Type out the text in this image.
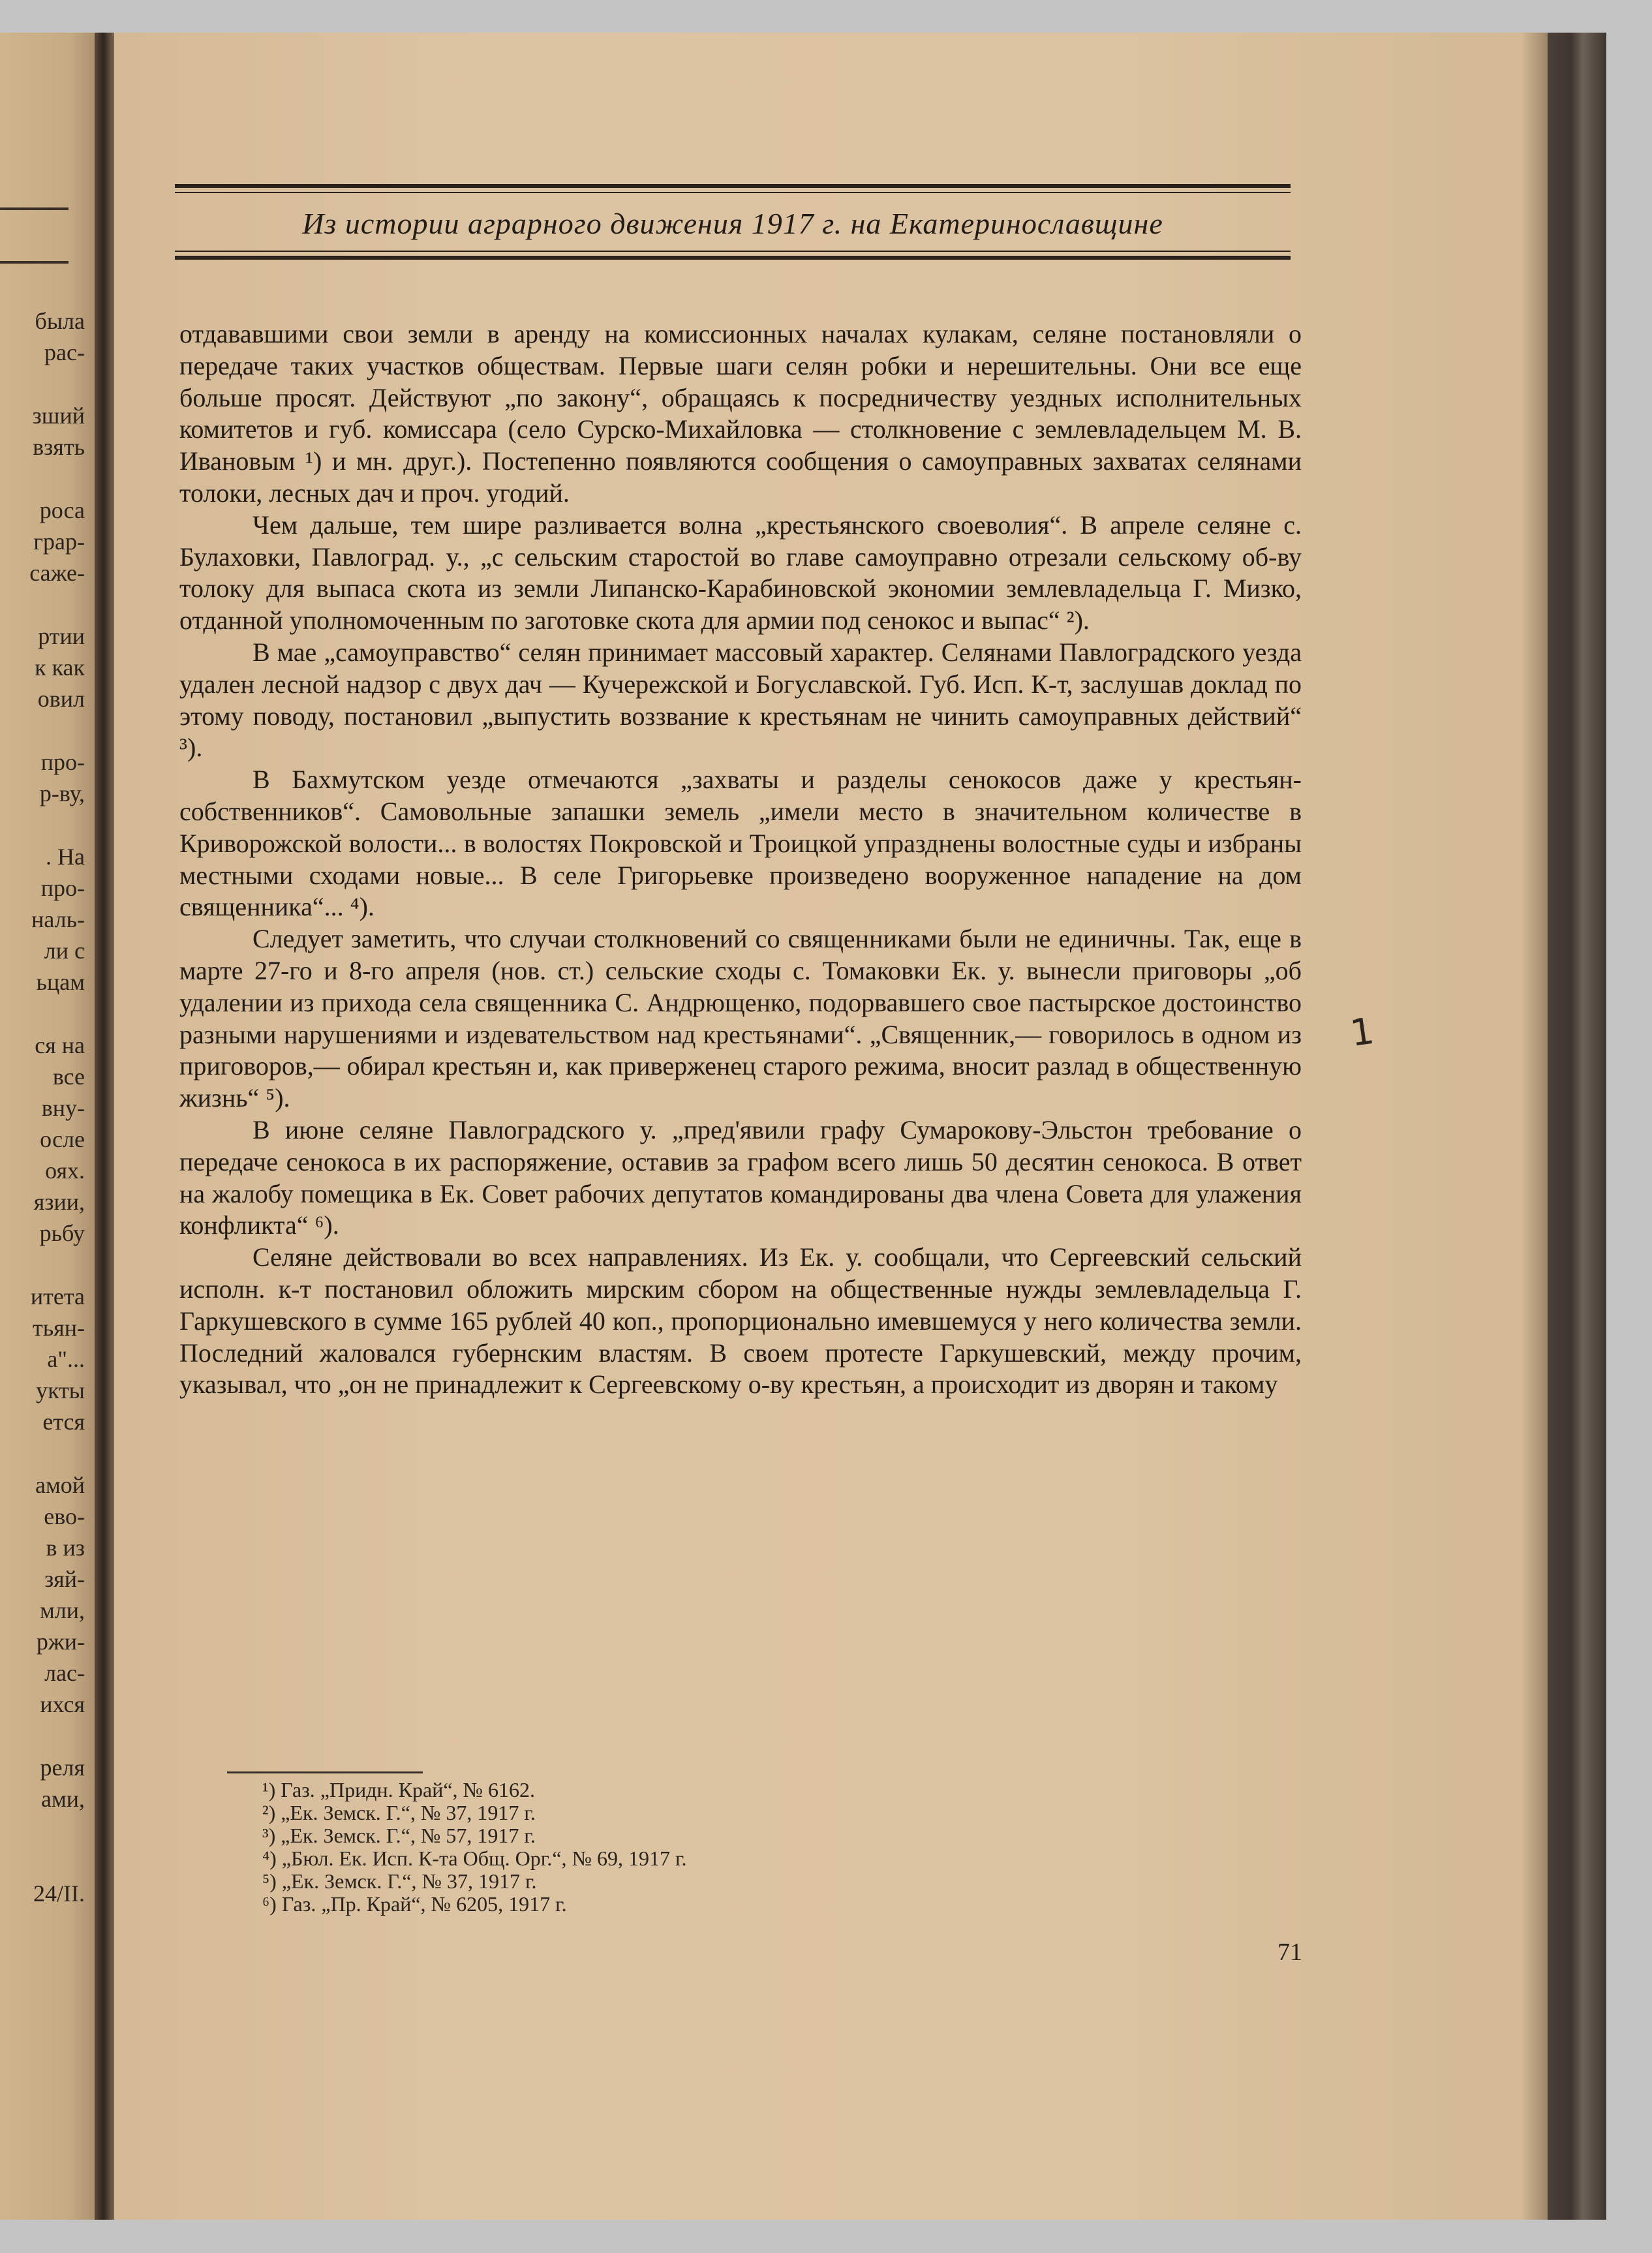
была
рас-
зший
взять
роса
граp-
саже-
ртии
к как
овил
про-
р-ву,
. На
про-
наль-
ли с
ьцам
ся на
все
вну-
осле
оях.
язии,
рьбу
итета
тьян-
а"...
укты
ется
амой
ево-
в из
зяй-
мли,
ржи-
лас-
ихся
реля
ами,
24/II.
Из истории аграрного движения 1917 г. на Екатеринославщине

отдававшими свои земли в аренду на комиссионных началах кулакам, селяне постановляли о передаче таких участков обществам. Первые шаги селян робки и нерешительны. Они все еще больше просят. Действуют „по закону“, обращаясь к посредничеству уездных исполнительных комитетов и губ. комиссара (село Сурско-Михайловка — столкновение с землевладельцем М. В. Ивановым ¹) и мн. друг.). Постепенно появляются сообщения о самоуправных захватах селянами толоки, лесных дач и проч. угодий.

Чем дальше, тем шире разливается волна „крестьянского своеволия“. В апреле селяне с. Булаховки, Павлоград. у., „с сельским старостой во главе самоуправно отрезали сельскому об-ву толоку для выпаса скота из земли Липанско-Карабиновской экономии землевладельца Г. Мизко, отданной уполномоченным по заготовке скота для армии под сенокос и выпас“ ²).

В мае „самоуправство“ селян принимает массовый характер. Селянами Павлоградского уезда удален лесной надзор с двух дач — Кучережской и Богуславской. Губ. Исп. К-т, заслушав доклад по этому поводу, постановил „выпустить воззвание к крестьянам не чинить самоуправных действий“ ³).

В Бахмутском уезде отмечаются „захваты и разделы сенокосов даже у крестьян-собственников“. Самовольные запашки земель „имели место в значительном количестве в Криворожской волости... в волостях Покровской и Троицкой упразднены волостные суды и избраны местными сходами новые... В селе Григорьевке произведено вооруженное нападение на дом священника“... ⁴).

Следует заметить, что случаи столкновений со священниками были не единичны. Так, еще в марте 27-го и 8-го апреля (нов. ст.) сельские сходы с. Томаковки Ек. у. вынесли приговоры „об удалении из прихода села священника С. Андрющенко, подорвавшего свое пастырское достоинство разными нарушениями и издевательством над крестьянами“. „Священник,— говорилось в одном из приговоров,— обирал крестьян и, как приверженец старого режима, вносит разлад в общественную жизнь“ ⁵).

В июне селяне Павлоградского у. „пред'явили графу Сумарокову-Эльстон требование о передаче сенокоса в их распоряжение, оставив за графом всего лишь 50 десятин сенокоса. В ответ на жалобу помещика в Ек. Совет рабочих депутатов командированы два члена Совета для улажения конфликта“ ⁶).

Селяне действовали во всех направлениях. Из Ек. у. сообщали, что Сергеевский сельский исполн. к-т постановил обложить мирским сбором на общественные нужды землевладельца Г. Гаркушевского в сумме 165 рублей 40 коп., пропорционально имевшемуся у него количества земли. Последний жаловался губернским властям. В своем протесте Гаркушевский, между прочим, указывал, что „он не принадлежит к Сергеевскому о-ву крестьян, а происходит из дворян и такому

1
¹) Газ. „Придн. Край“, № 6162.
²) „Ек. Земск. Г.“, № 37, 1917 г.
³) „Ек. Земск. Г.“, № 57, 1917 г.
⁴) „Бюл. Ек. Исп. К-та Общ. Орг.“, № 69, 1917 г.
⁵) „Ек. Земск. Г.“, № 37, 1917 г.
⁶) Газ. „Пр. Край“, № 6205, 1917 г.
71
